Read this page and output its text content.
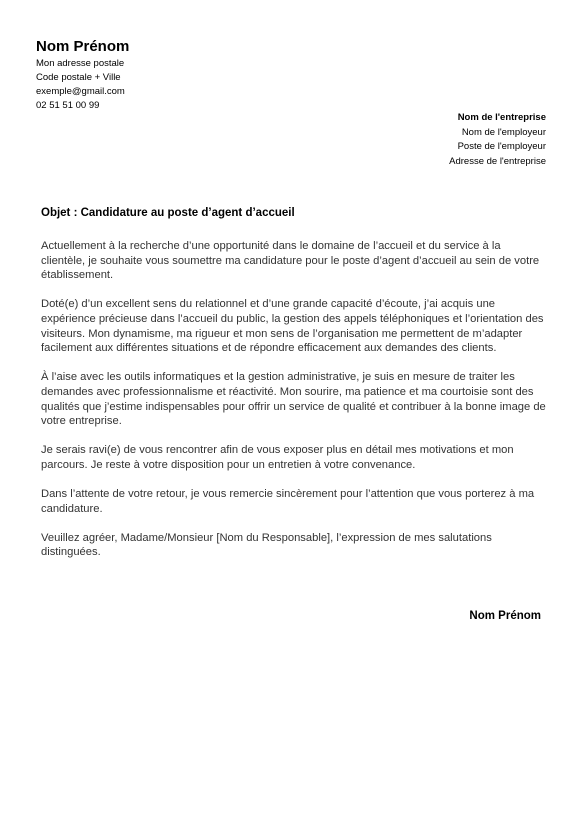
Nom Prénom
Mon adresse postale
Code postale + Ville
exemple@gmail.com
02 51 51 00 99
Nom de l'entreprise
Nom de l'employeur
Poste de l'employeur
Adresse de l'entreprise
Objet : Candidature au poste d’agent d’accueil

Actuellement à la recherche d’une opportunité dans le domaine de l’accueil et du service à la clientèle, je souhaite vous soumettre ma candidature pour le poste d’agent d’accueil au sein de votre établissement.

Doté(e) d’un excellent sens du relationnel et d’une grande capacité d’écoute, j’ai acquis une expérience précieuse dans l’accueil du public, la gestion des appels téléphoniques et l’orientation des visiteurs. Mon dynamisme, ma rigueur et mon sens de l’organisation me permettent de m’adapter facilement aux différentes situations et de répondre efficacement aux demandes des clients.

À l’aise avec les outils informatiques et la gestion administrative, je suis en mesure de traiter les demandes avec professionnalisme et réactivité. Mon sourire, ma patience et ma courtoisie sont des qualités que j’estime indispensables pour offrir un service de qualité et contribuer à la bonne image de votre entreprise.

Je serais ravi(e) de vous rencontrer afin de vous exposer plus en détail mes motivations et mon parcours. Je reste à votre disposition pour un entretien à votre convenance.

Dans l’attente de votre retour, je vous remercie sincèrement pour l’attention que vous porterez à ma candidature.

Veuillez agréer, Madame/Monsieur [Nom du Responsable], l’expression de mes salutations distinguées.

Nom Prénom
